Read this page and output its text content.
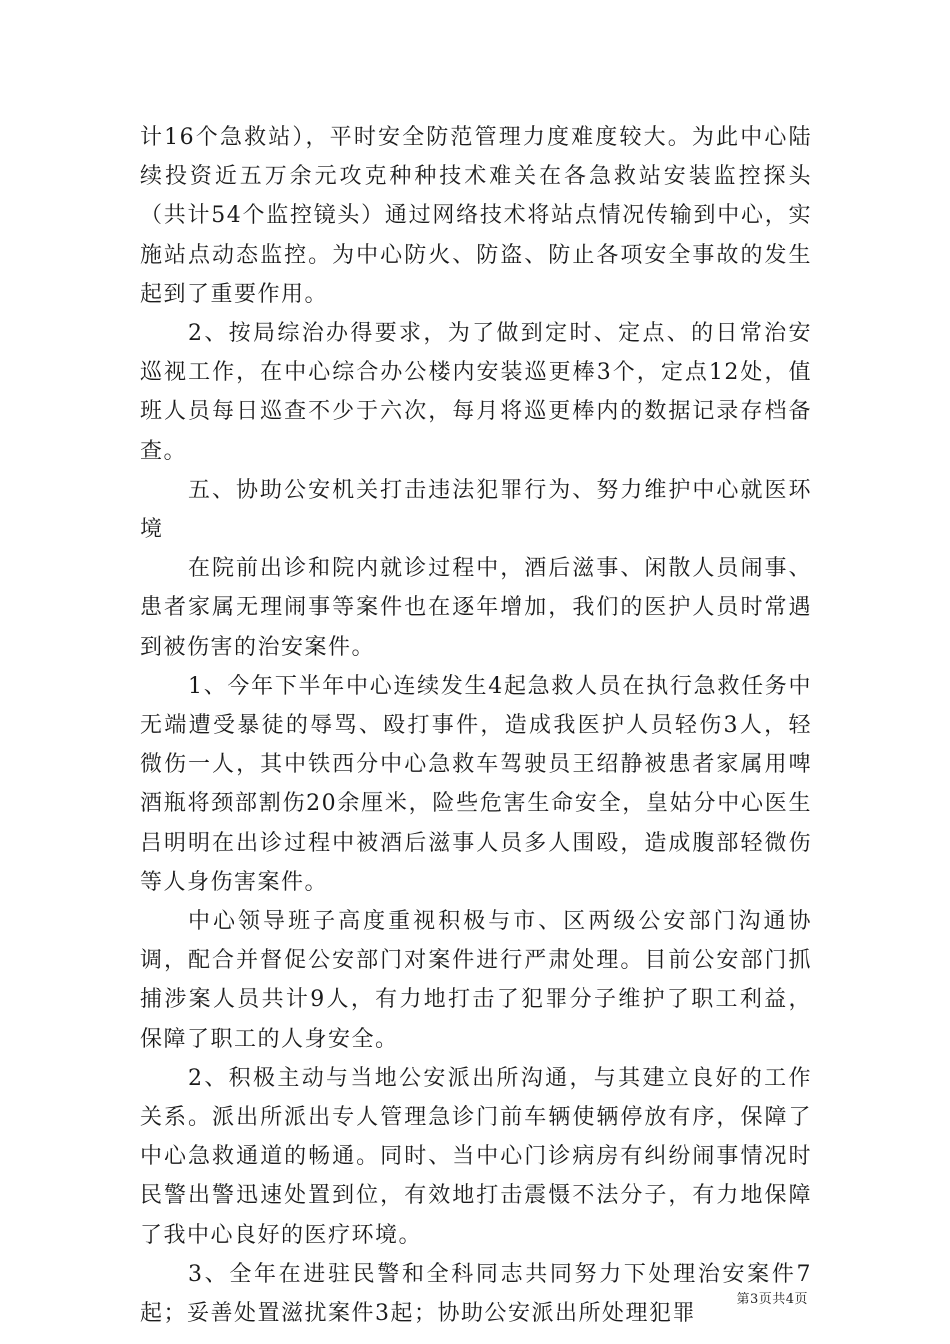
计16个急救站），平时安全防范管理力度难度较大。为此中心陆续投资近五万余元攻克种种技术难关在各急救站安装监控探头（共计54个监控镜头）通过网络技术将站点情况传输到中心，实施站点动态监控。为中心防火、防盗、防止各项安全事故的发生起到了重要作用。

2、按局综治办得要求，为了做到定时、定点、的日常治安巡视工作，在中心综合办公楼内安装巡更棒3个，定点12处，值班人员每日巡查不少于六次，每月将巡更棒内的数据记录存档备查。

五、协助公安机关打击违法犯罪行为、努力维护中心就医环境

在院前出诊和院内就诊过程中，酒后滋事、闲散人员闹事、患者家属无理闹事等案件也在逐年增加，我们的医护人员时常遇到被伤害的治安案件。

1、今年下半年中心连续发生4起急救人员在执行急救任务中无端遭受暴徒的辱骂、殴打事件，造成我医护人员轻伤3人，轻微伤一人，其中铁西分中心急救车驾驶员王绍静被患者家属用啤酒瓶将颈部割伤20余厘米，险些危害生命安全，皇姑分中心医生吕明明在出诊过程中被酒后滋事人员多人围殴，造成腹部轻微伤等人身伤害案件。

中心领导班子高度重视积极与市、区两级公安部门沟通协调，配合并督促公安部门对案件进行严肃处理。目前公安部门抓捕涉案人员共计9人，有力地打击了犯罪分子维护了职工利益，保障了职工的人身安全。

2、积极主动与当地公安派出所沟通，与其建立良好的工作关系。派出所派出专人管理急诊门前车辆使辆停放有序，保障了中心急救通道的畅通。同时、当中心门诊病房有纠纷闹事情况时民警出警迅速处置到位，有效地打击震慑不法分子，有力地保障了我中心良好的医疗环境。

3、全年在进驻民警和全科同志共同努力下处理治安案件7起；妥善处置滋扰案件3起；协助公安派出所处理犯罪

第3页共4页
